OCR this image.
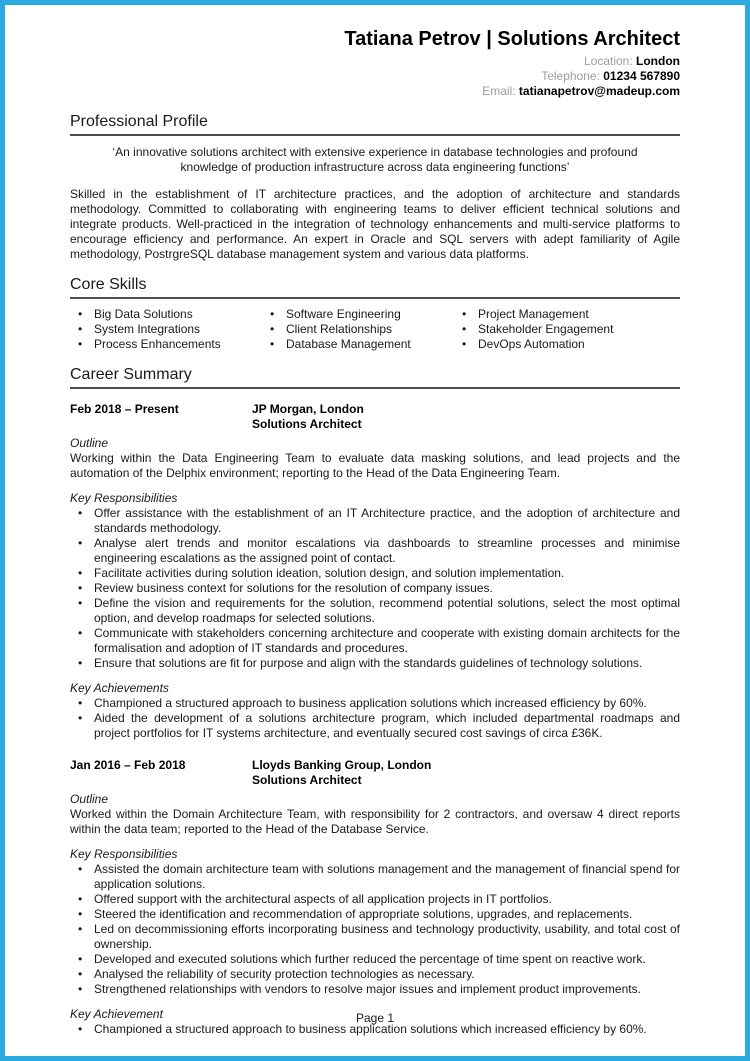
Tatiana Petrov | Solutions Architect
Location: London
Telephone: 01234 567890
Email: tatianapetrov@madeup.com
Professional Profile

‘An innovative solutions architect with extensive experience in database technologies and profound knowledge of production infrastructure across data engineering functions’

Skilled in the establishment of IT architecture practices, and the adoption of architecture and standards methodology. Committed to collaborating with engineering teams to deliver efficient technical solutions and integrate products. Well-practiced in the integration of technology enhancements and multi-service platforms to encourage efficiency and performance. An expert in Oracle and SQL servers with adept familiarity of Agile methodology, PostrgreSQL database management system and various data platforms.

Core Skills
• Big Data Solutions
• System Integrations
• Process Enhancements
• Software Engineering
• Client Relationships
• Database Management
• Project Management
• Stakeholder Engagement
• DevOps Automation
Career Summary
Feb 2018 – Present	JP Morgan, London
Solutions Architect

Outline

Working within the Data Engineering Team to evaluate data masking solutions, and lead projects and the automation of the Delphix environment; reporting to the Head of the Data Engineering Team.

Key Responsibilities

• Offer assistance with the establishment of an IT Architecture practice, and the adoption of architecture and standards methodology.
• Analyse alert trends and monitor escalations via dashboards to streamline processes and minimise engineering escalations as the assigned point of contact.
• Facilitate activities during solution ideation, solution design, and solution implementation.
• Review business context for solutions for the resolution of company issues.
• Define the vision and requirements for the solution, recommend potential solutions, select the most optimal option, and develop roadmaps for selected solutions.
• Communicate with stakeholders concerning architecture and cooperate with existing domain architects for the formalisation and adoption of IT standards and procedures.
• Ensure that solutions are fit for purpose and align with the standards guidelines of technology solutions.

Key Achievements

• Championed a structured approach to business application solutions which increased efficiency by 60%.
• Aided the development of a solutions architecture program, which included departmental roadmaps and project portfolios for IT systems architecture, and eventually secured cost savings of circa £36K.
Jan 2016 – Feb 2018	Lloyds Banking Group, London
Solutions Architect

Outline

Worked within the Domain Architecture Team, with responsibility for 2 contractors, and oversaw 4 direct reports within the data team; reported to the Head of the Database Service.

Key Responsibilities

• Assisted the domain architecture team with solutions management and the management of financial spend for application solutions.
• Offered support with the architectural aspects of all application projects in IT portfolios.
• Steered the identification and recommendation of appropriate solutions, upgrades, and replacements.
• Led on decommissioning efforts incorporating business and technology productivity, usability, and total cost of ownership.
• Developed and executed solutions which further reduced the percentage of time spent on reactive work.
• Analysed the reliability of security protection technologies as necessary.
• Strengthened relationships with vendors to resolve major issues and implement product improvements.

Key Achievement

• Championed a structured approach to business application solutions which increased efficiency by 60%.
Page 1
